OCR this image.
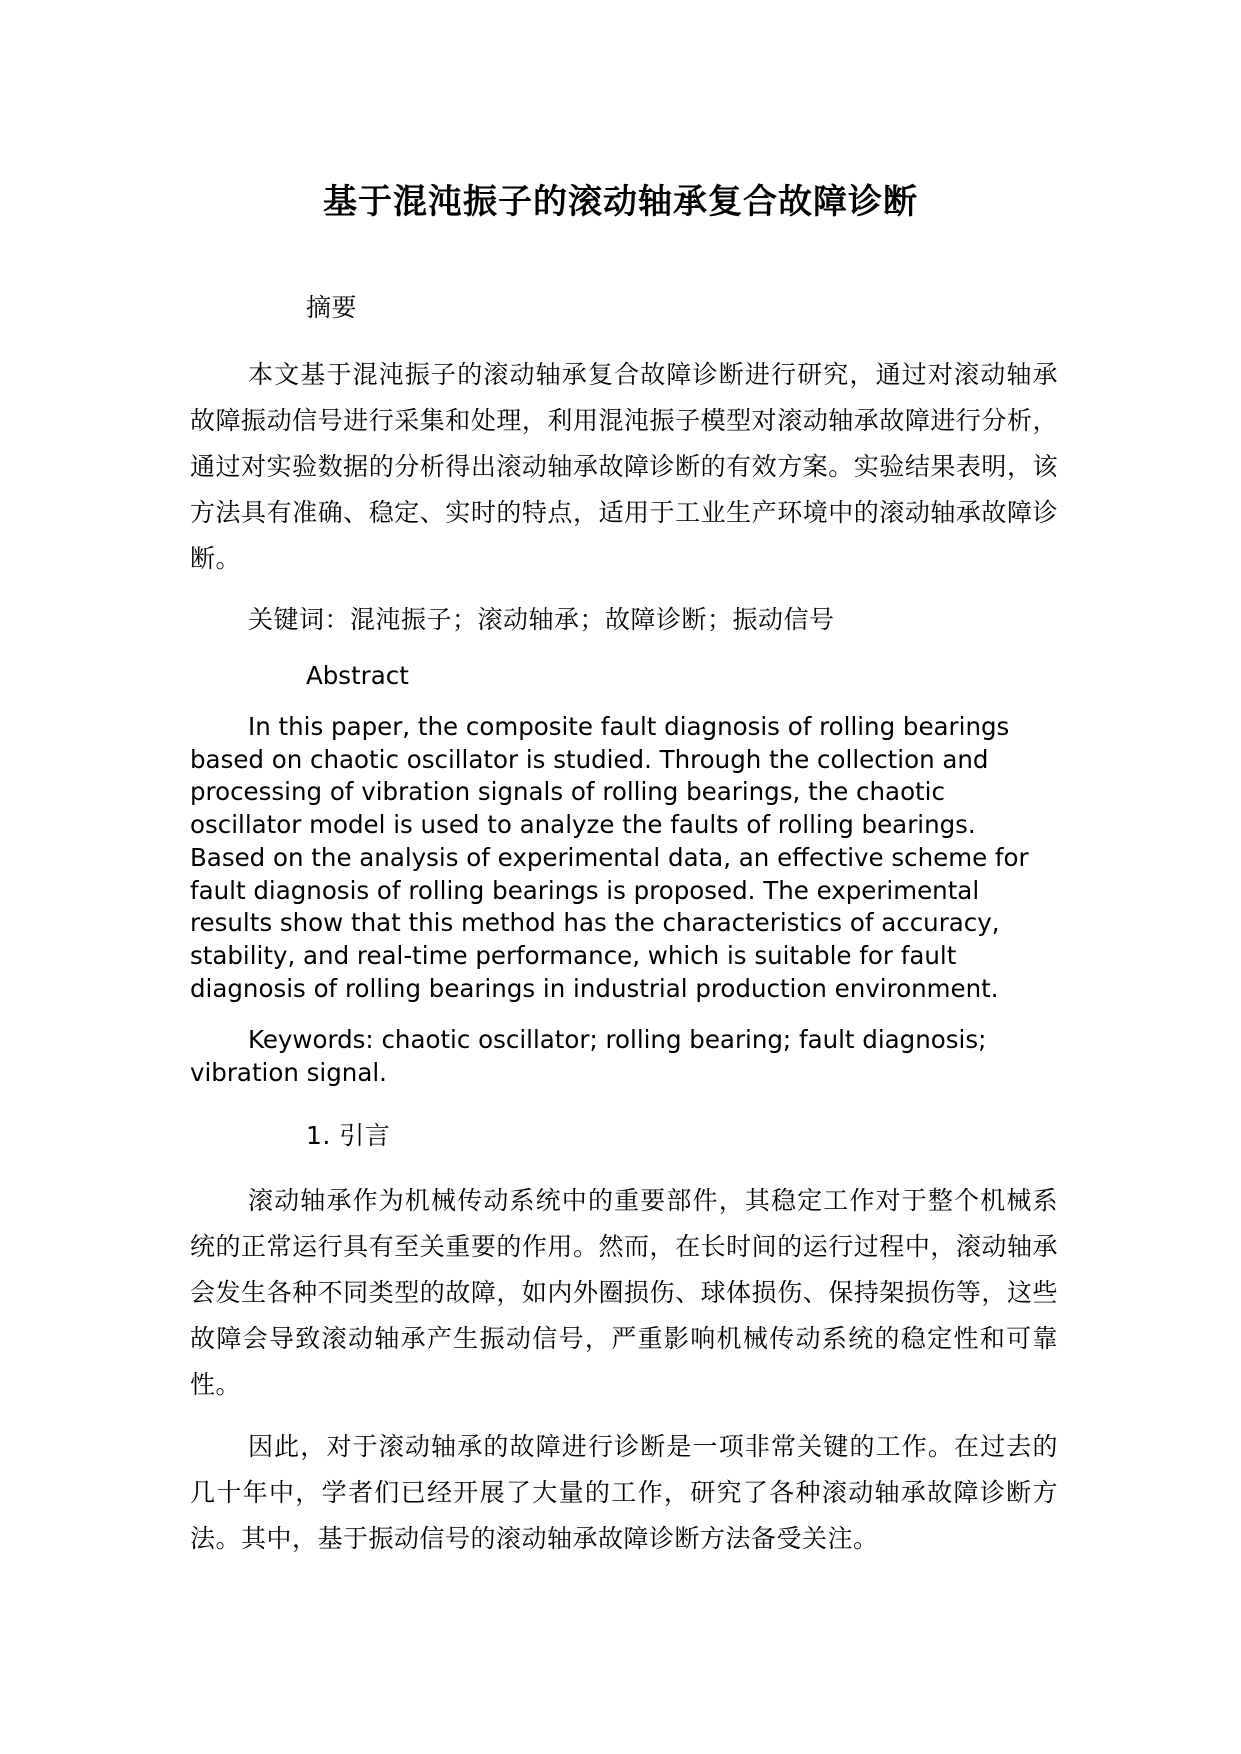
基于混沌振子的滚动轴承复合故障诊断
摘要
本文基于混沌振子的滚动轴承复合故障诊断进行研究，通过对滚动轴承故障振动信号进行采集和处理，利用混沌振子模型对滚动轴承故障进行分析，通过对实验数据的分析得出滚动轴承故障诊断的有效方案。实验结果表明，该方法具有准确、稳定、实时的特点，适用于工业生产环境中的滚动轴承故障诊断。
关键词：混沌振子；滚动轴承；故障诊断；振动信号
Abstract
In this paper, the composite fault diagnosis of rolling bearings based on chaotic oscillator is studied. Through the collection and processing of vibration signals of rolling bearings, the chaotic oscillator model is used to analyze the faults of rolling bearings. Based on the analysis of experimental data, an effective scheme for fault diagnosis of rolling bearings is proposed. The experimental results show that this method has the characteristics of accuracy, stability, and real-time performance, which is suitable for fault diagnosis of rolling bearings in industrial production environment.
Keywords: chaotic oscillator; rolling bearing; fault diagnosis; vibration signal.
1. 引言
滚动轴承作为机械传动系统中的重要部件，其稳定工作对于整个机械系统的正常运行具有至关重要的作用。然而，在长时间的运行过程中，滚动轴承会发生各种不同类型的故障，如内外圈损伤、球体损伤、保持架损伤等，这些故障会导致滚动轴承产生振动信号，严重影响机械传动系统的稳定性和可靠性。
因此，对于滚动轴承的故障进行诊断是一项非常关键的工作。在过去的几十年中，学者们已经开展了大量的工作，研究了各种滚动轴承故障诊断方法。其中，基于振动信号的滚动轴承故障诊断方法备受关注。
